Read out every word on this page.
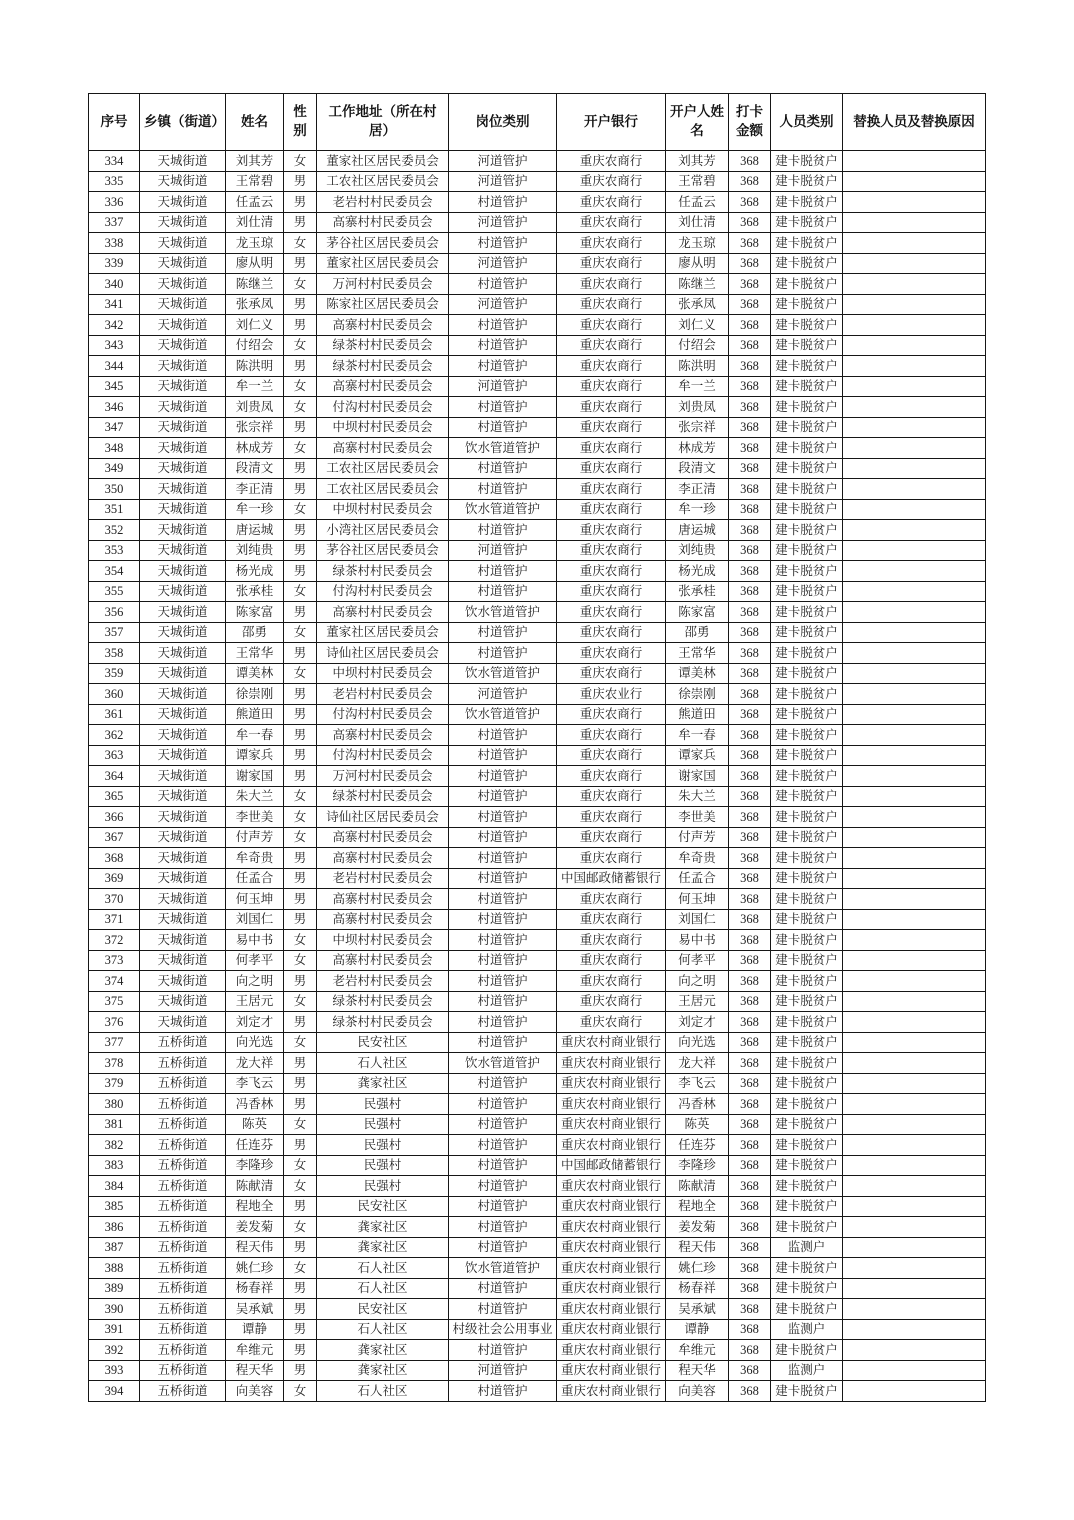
序号	乡镇（街道）	姓名	性别	工作地址（所在村居）	岗位类别	开户银行	开户人姓名	打卡金额	人员类别	替换人员及替换原因
334	天城街道	刘其芳	女	董家社区居民委员会	河道管护	重庆农商行	刘其芳	368	建卡脱贫户	
335	天城街道	王常碧	男	工农社区居民委员会	河道管护	重庆农商行	王常碧	368	建卡脱贫户	
336	天城街道	任孟云	男	老岩村村民委员会	村道管护	重庆农商行	任孟云	368	建卡脱贫户	
337	天城街道	刘仕清	男	高寨村村民委员会	河道管护	重庆农商行	刘仕清	368	建卡脱贫户	
338	天城街道	龙玉琼	女	茅谷社区居民委员会	村道管护	重庆农商行	龙玉琼	368	建卡脱贫户	
339	天城街道	廖从明	男	董家社区居民委员会	河道管护	重庆农商行	廖从明	368	建卡脱贫户	
340	天城街道	陈继兰	女	万河村村民委员会	村道管护	重庆农商行	陈继兰	368	建卡脱贫户	
341	天城街道	张承凤	男	陈家社区居民委员会	河道管护	重庆农商行	张承凤	368	建卡脱贫户	
342	天城街道	刘仁义	男	高寨村村民委员会	村道管护	重庆农商行	刘仁义	368	建卡脱贫户	
343	天城街道	付绍会	女	绿茶村村民委员会	村道管护	重庆农商行	付绍会	368	建卡脱贫户	
344	天城街道	陈洪明	男	绿茶村村民委员会	村道管护	重庆农商行	陈洪明	368	建卡脱贫户	
345	天城街道	牟一兰	女	高寨村村民委员会	河道管护	重庆农商行	牟一兰	368	建卡脱贫户	
346	天城街道	刘贵凤	女	付沟村村民委员会	村道管护	重庆农商行	刘贵凤	368	建卡脱贫户	
347	天城街道	张宗祥	男	中坝村村民委员会	村道管护	重庆农商行	张宗祥	368	建卡脱贫户	
348	天城街道	林成芳	女	高寨村村民委员会	饮水管道管护	重庆农商行	林成芳	368	建卡脱贫户	
349	天城街道	段清文	男	工农社区居民委员会	村道管护	重庆农商行	段清文	368	建卡脱贫户	
350	天城街道	李正清	男	工农社区居民委员会	村道管护	重庆农商行	李正清	368	建卡脱贫户	
351	天城街道	牟一珍	女	中坝村村民委员会	饮水管道管护	重庆农商行	牟一珍	368	建卡脱贫户	
352	天城街道	唐运城	男	小湾社区居民委员会	村道管护	重庆农商行	唐运城	368	建卡脱贫户	
353	天城街道	刘纯贵	男	茅谷社区居民委员会	河道管护	重庆农商行	刘纯贵	368	建卡脱贫户	
354	天城街道	杨光成	男	绿茶村村民委员会	村道管护	重庆农商行	杨光成	368	建卡脱贫户	
355	天城街道	张承桂	女	付沟村村民委员会	村道管护	重庆农商行	张承桂	368	建卡脱贫户	
356	天城街道	陈家富	男	高寨村村民委员会	饮水管道管护	重庆农商行	陈家富	368	建卡脱贫户	
357	天城街道	邵勇	女	董家社区居民委员会	村道管护	重庆农商行	邵勇	368	建卡脱贫户	
358	天城街道	王常华	男	诗仙社区居民委员会	村道管护	重庆农商行	王常华	368	建卡脱贫户	
359	天城街道	谭美林	女	中坝村村民委员会	饮水管道管护	重庆农商行	谭美林	368	建卡脱贫户	
360	天城街道	徐崇刚	男	老岩村村民委员会	河道管护	重庆农业行	徐崇刚	368	建卡脱贫户	
361	天城街道	熊道田	男	付沟村村民委员会	饮水管道管护	重庆农商行	熊道田	368	建卡脱贫户	
362	天城街道	牟一春	男	高寨村村民委员会	村道管护	重庆农商行	牟一春	368	建卡脱贫户	
363	天城街道	谭家兵	男	付沟村村民委员会	村道管护	重庆农商行	谭家兵	368	建卡脱贫户	
364	天城街道	谢家国	男	万河村村民委员会	村道管护	重庆农商行	谢家国	368	建卡脱贫户	
365	天城街道	朱大兰	女	绿茶村村民委员会	村道管护	重庆农商行	朱大兰	368	建卡脱贫户	
366	天城街道	李世美	女	诗仙社区居民委员会	村道管护	重庆农商行	李世美	368	建卡脱贫户	
367	天城街道	付声芳	女	高寨村村民委员会	村道管护	重庆农商行	付声芳	368	建卡脱贫户	
368	天城街道	牟奇贵	男	高寨村村民委员会	村道管护	重庆农商行	牟奇贵	368	建卡脱贫户	
369	天城街道	任孟合	男	老岩村村民委员会	村道管护	中国邮政储蓄银行	任孟合	368	建卡脱贫户	
370	天城街道	何玉坤	男	高寨村村民委员会	村道管护	重庆农商行	何玉坤	368	建卡脱贫户	
371	天城街道	刘国仁	男	高寨村村民委员会	村道管护	重庆农商行	刘国仁	368	建卡脱贫户	
372	天城街道	易中书	女	中坝村村民委员会	村道管护	重庆农商行	易中书	368	建卡脱贫户	
373	天城街道	何孝平	女	高寨村村民委员会	村道管护	重庆农商行	何孝平	368	建卡脱贫户	
374	天城街道	向之明	男	老岩村村民委员会	村道管护	重庆农商行	向之明	368	建卡脱贫户	
375	天城街道	王居元	女	绿茶村村民委员会	村道管护	重庆农商行	王居元	368	建卡脱贫户	
376	天城街道	刘定才	男	绿茶村村民委员会	村道管护	重庆农商行	刘定才	368	建卡脱贫户	
377	五桥街道	向光选	女	民安社区	村道管护	重庆农村商业银行	向光选	368	建卡脱贫户	
378	五桥街道	龙大祥	男	石人社区	饮水管道管护	重庆农村商业银行	龙大祥	368	建卡脱贫户	
379	五桥街道	李飞云	男	龚家社区	村道管护	重庆农村商业银行	李飞云	368	建卡脱贫户	
380	五桥街道	冯香林	男	民强村	村道管护	重庆农村商业银行	冯香林	368	建卡脱贫户	
381	五桥街道	陈英	女	民强村	村道管护	重庆农村商业银行	陈英	368	建卡脱贫户	
382	五桥街道	任连芬	男	民强村	村道管护	重庆农村商业银行	任连芬	368	建卡脱贫户	
383	五桥街道	李隆珍	女	民强村	村道管护	中国邮政储蓄银行	李隆珍	368	建卡脱贫户	
384	五桥街道	陈献清	女	民强村	村道管护	重庆农村商业银行	陈献清	368	建卡脱贫户	
385	五桥街道	程地全	男	民安社区	村道管护	重庆农村商业银行	程地全	368	建卡脱贫户	
386	五桥街道	姜发菊	女	龚家社区	村道管护	重庆农村商业银行	姜发菊	368	建卡脱贫户	
387	五桥街道	程天伟	男	龚家社区	村道管护	重庆农村商业银行	程天伟	368	监测户	
388	五桥街道	姚仁珍	女	石人社区	饮水管道管护	重庆农村商业银行	姚仁珍	368	建卡脱贫户	
389	五桥街道	杨春祥	男	石人社区	村道管护	重庆农村商业银行	杨春祥	368	建卡脱贫户	
390	五桥街道	吴承斌	男	民安社区	村道管护	重庆农村商业银行	吴承斌	368	建卡脱贫户	
391	五桥街道	谭静	男	石人社区	村级社会公用事业	重庆农村商业银行	谭静	368	监测户	
392	五桥街道	牟维元	男	龚家社区	村道管护	重庆农村商业银行	牟维元	368	建卡脱贫户	
393	五桥街道	程天华	男	龚家社区	河道管护	重庆农村商业银行	程天华	368	监测户	
394	五桥街道	向美容	女	石人社区	村道管护	重庆农村商业银行	向美容	368	建卡脱贫户	
